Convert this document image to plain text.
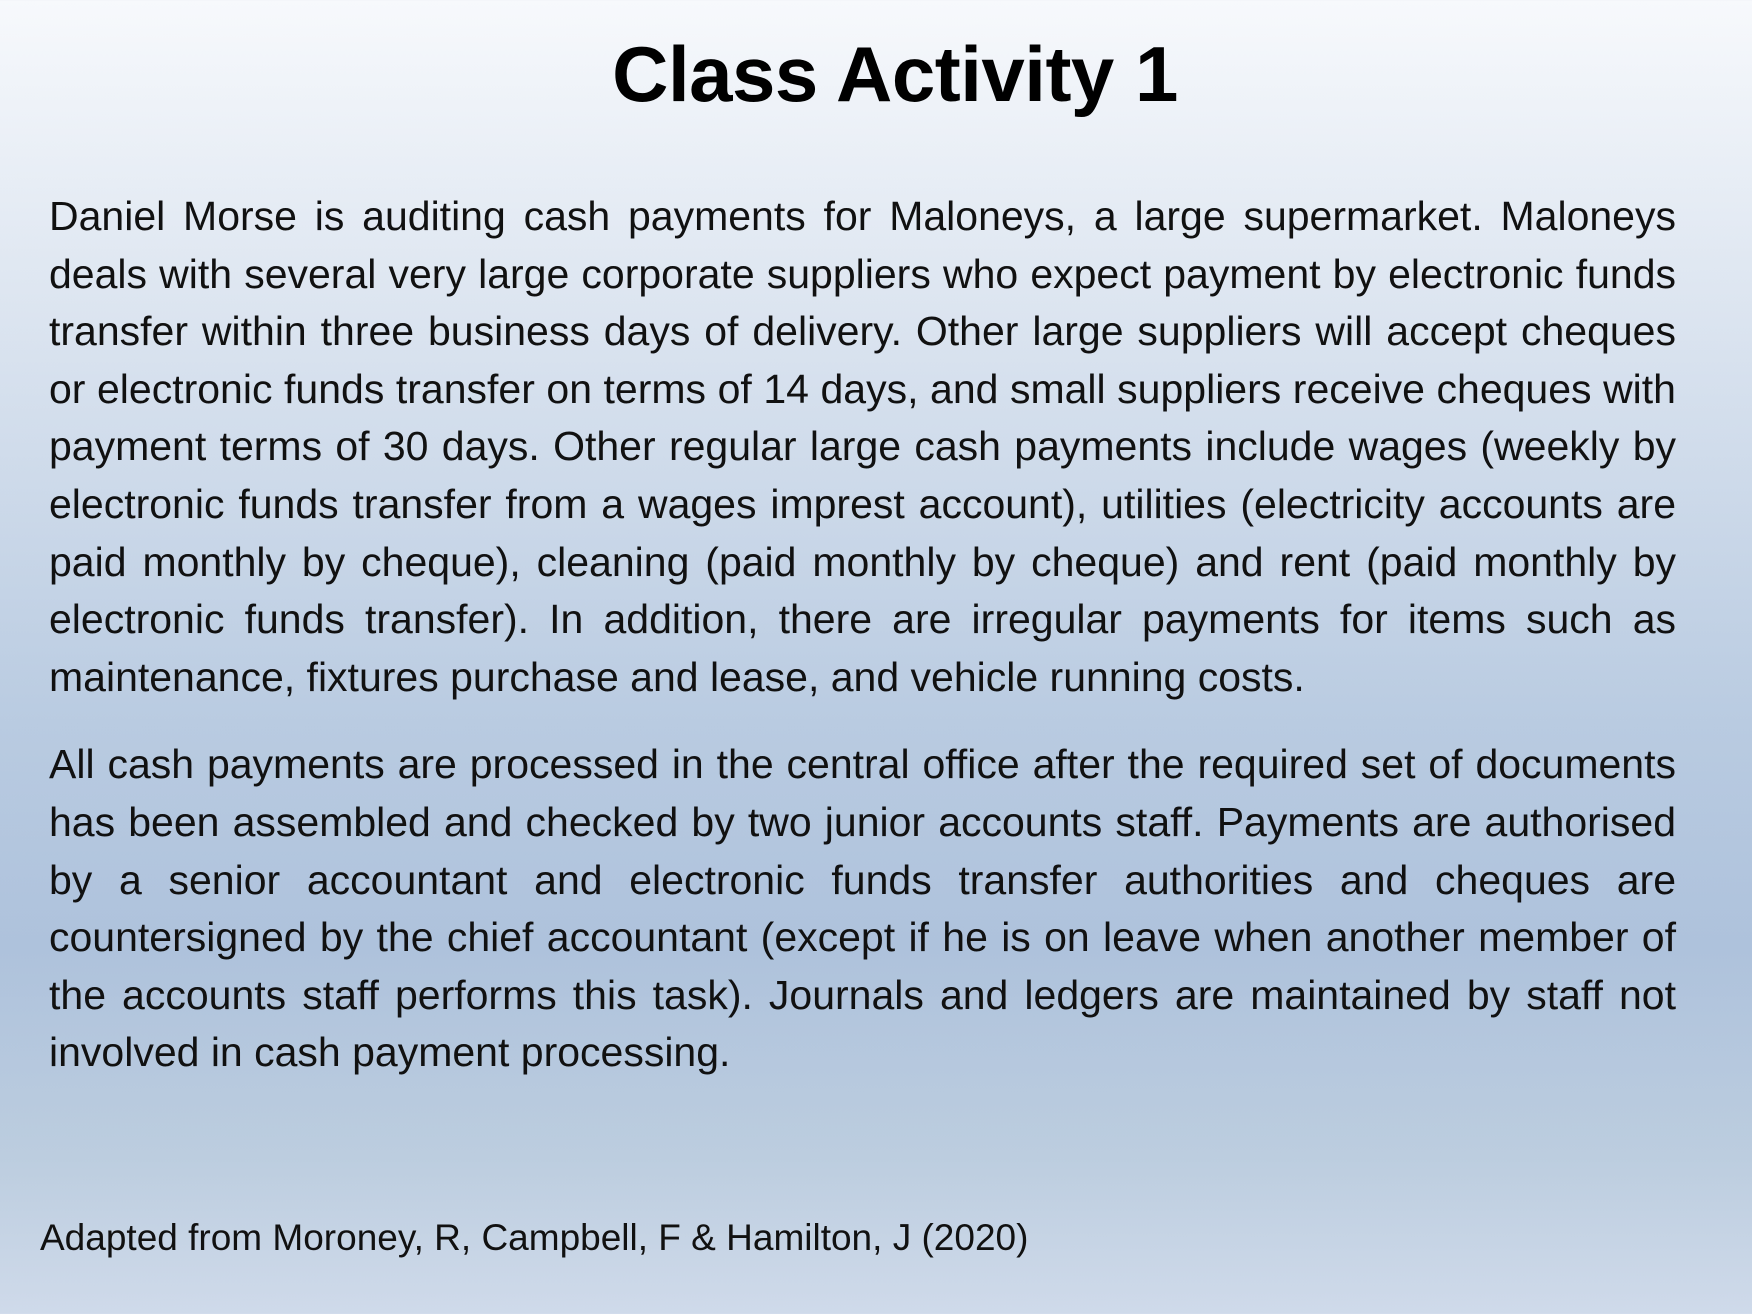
Class Activity 1

Daniel Morse is auditing cash payments for Maloneys, a large supermarket. Maloneys deals with several very large corporate suppliers who expect payment by electronic funds transfer within three business days of delivery. Other large suppliers will accept cheques or electronic funds transfer on terms of 14 days, and small suppliers receive cheques with payment terms of 30 days. Other regular large cash payments include wages (weekly by electronic funds transfer from a wages imprest account), utilities (electricity accounts are paid monthly by cheque), cleaning (paid monthly by cheque) and rent (paid monthly by electronic funds transfer). In addition, there are irregular payments for items such as maintenance, fixtures purchase and lease, and vehicle running costs.

All cash payments are processed in the central office after the required set of documents has been assembled and checked by two junior accounts staff. Payments are authorised by a senior accountant and electronic funds transfer authorities and cheques are countersigned by the chief accountant (except if he is on leave when another member of the accounts staff performs this task). Journals and ledgers are maintained by staff not involved in cash payment processing.

Adapted from Moroney, R, Campbell, F & Hamilton, J (2020)
